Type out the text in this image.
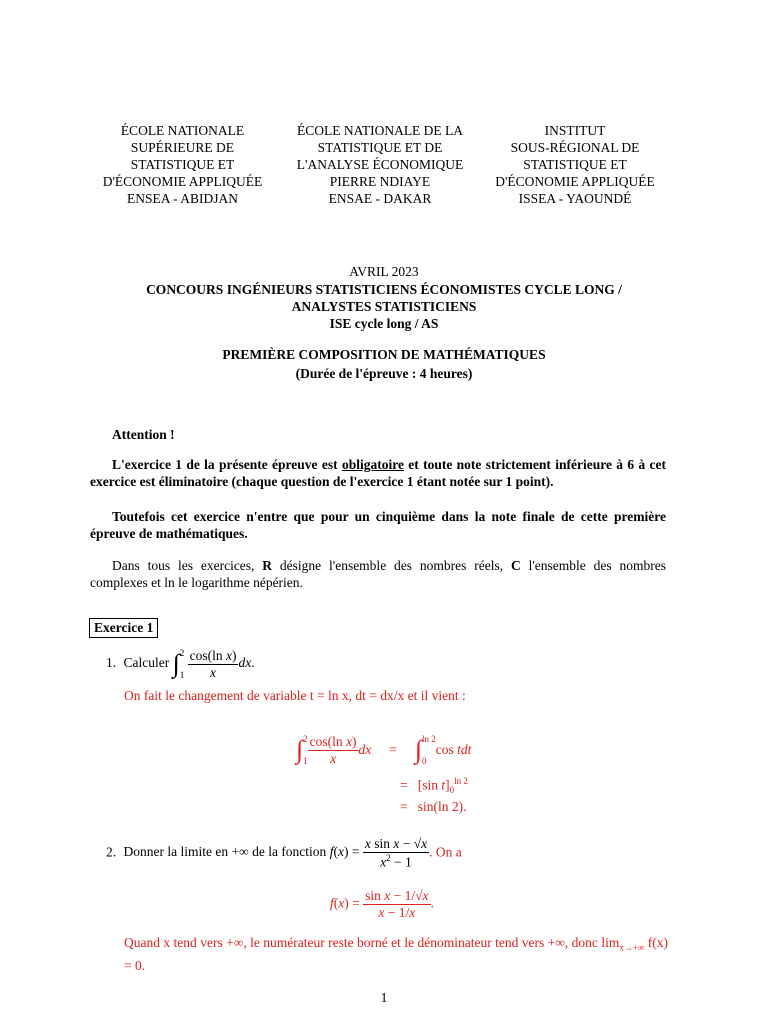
ÉCOLE NATIONALE
SUPÉRIEURE DE
STATISTIQUE ET
D'ÉCONOMIE APPLIQUÉE
ENSEA - ABIDJAN
ÉCOLE NATIONALE DE LA
STATISTIQUE ET DE
L'ANALYSE ÉCONOMIQUE
PIERRE NDIAYE
ENSAE - DAKAR
INSTITUT
SOUS-RÉGIONAL DE
STATISTIQUE ET
D'ÉCONOMIE APPLIQUÉE
ISSEA - YAOUNDÉ
AVRIL 2023
CONCOURS INGÉNIEURS STATISTICIENS ÉCONOMISTES CYCLE LONG /
ANALYSTES STATISTICIENS
ISE cycle long / AS
PREMIÈRE COMPOSITION DE MATHÉMATIQUES
(Durée de l'épreuve : 4 heures)
Attention !
L'exercice 1 de la présente épreuve est obligatoire et toute note strictement inférieure à 6 à cet exercice est éliminatoire (chaque question de l'exercice 1 étant notée sur 1 point).
Toutefois cet exercice n'entre que pour un cinquième dans la note finale de cette première épreuve de mathématiques.
Dans tous les exercices, R désigne l'ensemble des nombres réels, C l'ensemble des nombres complexes et ln le logarithme népérien.
Exercice 1
1. Calculer ∫ 2
1
$\frac{\text{cos(ln x)}}{x}$ dx.
On fait le changement de variable t = ln x, dt = dx/x et il vient :
∫ 2
$1 \frac{\text{cos(ln x)}}{x}$ dx = ∫ ln 2
0
cos tdt
=   [sin $t]_0^{ln 2}$
=   sin(ln 2).
2. Donner la limite en +∞ de la fonction $f(x) = \frac{\text{x sin x − √x}}{x^2 - 1}$ . On a
$f(x) = \frac{\text{sin x − 1/√x}}{x - 1/x}$ .
Quand x tend vers +∞, le numérateur reste borné et le dénominateur tend vers +∞, donc $\lim_{x\to+\infty} f(x) = 0$.
1
